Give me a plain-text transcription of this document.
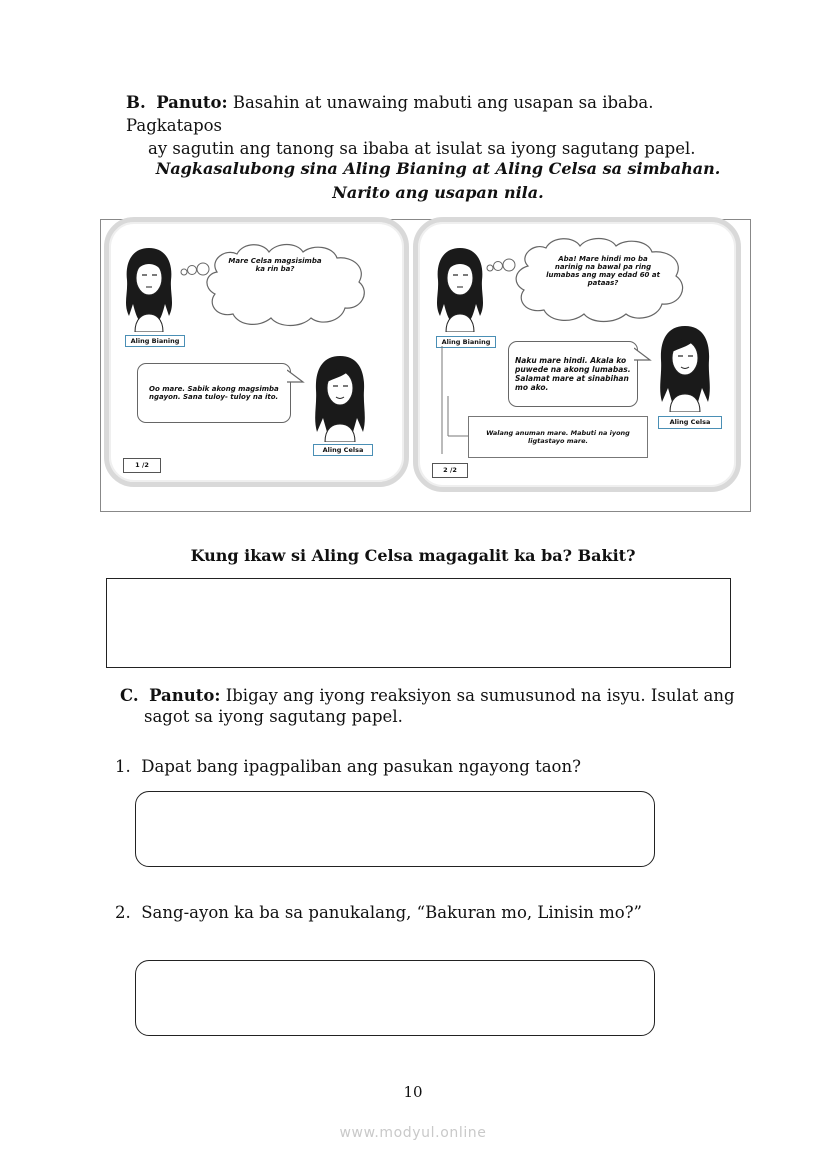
B. Panuto: Basahin at unawaing mabuti ang usapan sa ibaba. Pagkatapos
ay sagutin ang tanong sa ibaba at isulat sa iyong sagutang papel.
Nagkasalubong sina Aling Bianing at Aling Celsa sa simbahan.
Narito ang usapan nila.
Aling Bianing
Mare Celsa magsisimba ka rin ba?
Oo mare. Sabik akong magsimba ngayon. Sana tuloy- tuloy na ito.
Aling Celsa
1 /2
Aling Bianing
Aba! Mare hindi mo ba narinig na bawal pa ring lumabas ang may edad 60 at pataas?
Naku mare hindi. Akala ko puwede na akong lumabas. Salamat mare at sinabihan mo ako.
Aling Celsa
Walang anuman mare. Mabuti na iyong ligtastayo mare.
2 /2
Kung ikaw si Aling Celsa magagalit ka ba? Bakit?
C. Panuto: Ibigay ang iyong reaksiyon sa sumusunod na isyu. Isulat ang
sagot sa iyong sagutang papel.
1. Dapat bang ipagpaliban ang pasukan ngayong taon?
2. Sang-ayon ka ba sa panukalang, “Bakuran mo, Linisin mo?”
10
www.modyul.online
